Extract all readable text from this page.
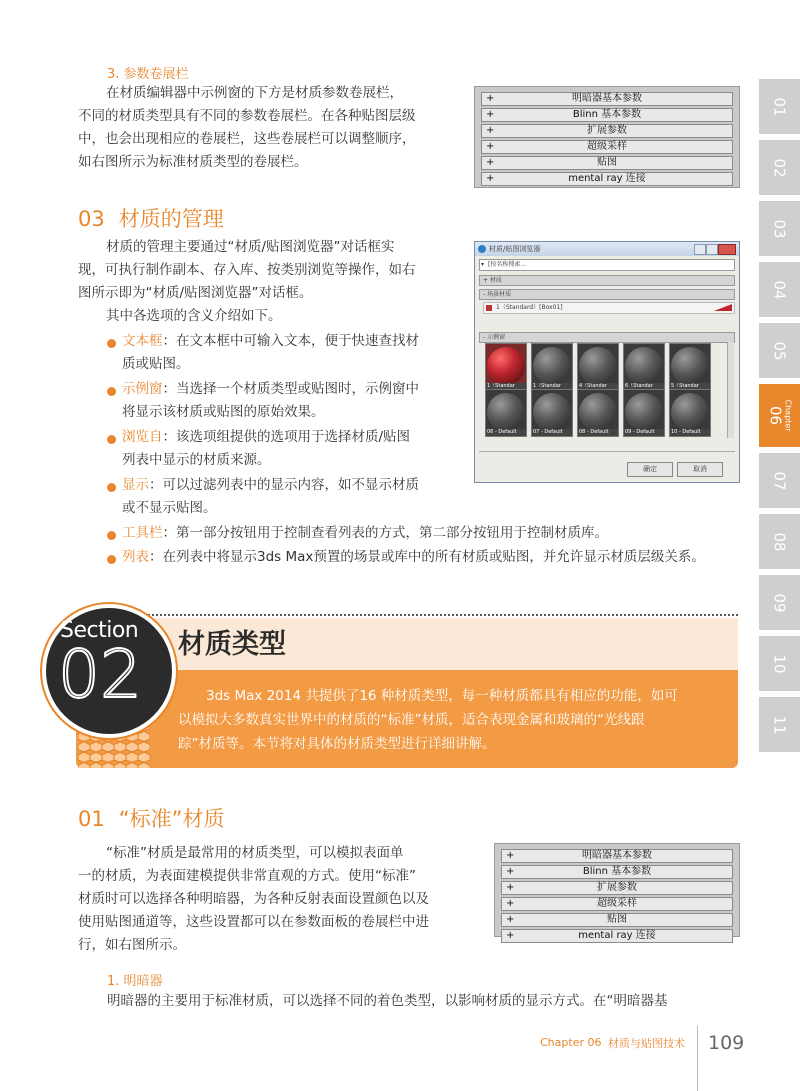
3. 参数卷展栏
在材质编辑器中示例窗的下方是材质参数卷展栏，
不同的材质类型具有不同的参数卷展栏。在各种贴图层级
中，也会出现相应的卷展栏，这些卷展栏可以调整顺序，
如右图所示为标准材质类型的卷展栏。
+	明暗器基本参数
+	Blinn 基本参数
+	扩展参数
+	超级采样
+	贴图
+	mental ray 连接
03 材质的管理
材质的管理主要通过“材质/贴图浏览器”对话框实
现，可执行制作副本、存入库、按类别浏览等操作，如右
图所示即为“材质/贴图浏览器”对话框。
其中各选项的含义介绍如下。
文本框：在文本框中可输入文本，便于快速查找材
质或贴图。
示例窗：当选择一个材质类型或贴图时，示例窗中
将显示该材质或贴图的原始效果。
浏览自：该选项组提供的选项用于选择材质/贴图
列表中显示的材质来源。
显示：可以过滤列表中的显示内容，如不显示材质
或不显示贴图。
工具栏：第一部分按钮用于控制查看列表的方式，第二部分按钮用于控制材质库。
列表：在列表中将显示3ds Max预置的场景或库中的所有材质或贴图，并允许显示材质层级关系。
材质/贴图浏览器
▾ [按名称搜索...
+ 材质
- 场景材质
1（Standard）[Box01]
- 示例窗
1（Standar	1（Standar	4（Standar	6（Standar	5（Standar
06 - Default	07 - Default	08 - Default	09 - Default	10 - Default
确定	取消
材质类型
Section
02	3ds Max 2014 共提供了16 种材质类型，每一种材质都具有相应的功能，如可
以模拟大多数真实世界中的材质的“标准”材质，适合表现金属和玻璃的“光线跟
踪”材质等。本节将对具体的材质类型进行详细讲解。
01 “标准”材质
“标准”材质是最常用的材质类型，可以模拟表面单
一的材质，为表面建模提供非常直观的方式。使用“标准”
材质时可以选择各种明暗器，为各种反射表面设置颜色以及
使用贴图通道等，这些设置都可以在参数面板的卷展栏中进
行，如右图所示。
+	明暗器基本参数
+	Blinn 基本参数
+	扩展参数
+	超级采样
+	贴图
+	mental ray 连接
1. 明暗器
明暗器的主要用于标准材质，可以选择不同的着色类型，以影响材质的显示方式。在“明暗器基
Chapter 06 材质与贴图技术 109
01
02
03
04
05
Chapter
06
07
08
09
10
11
